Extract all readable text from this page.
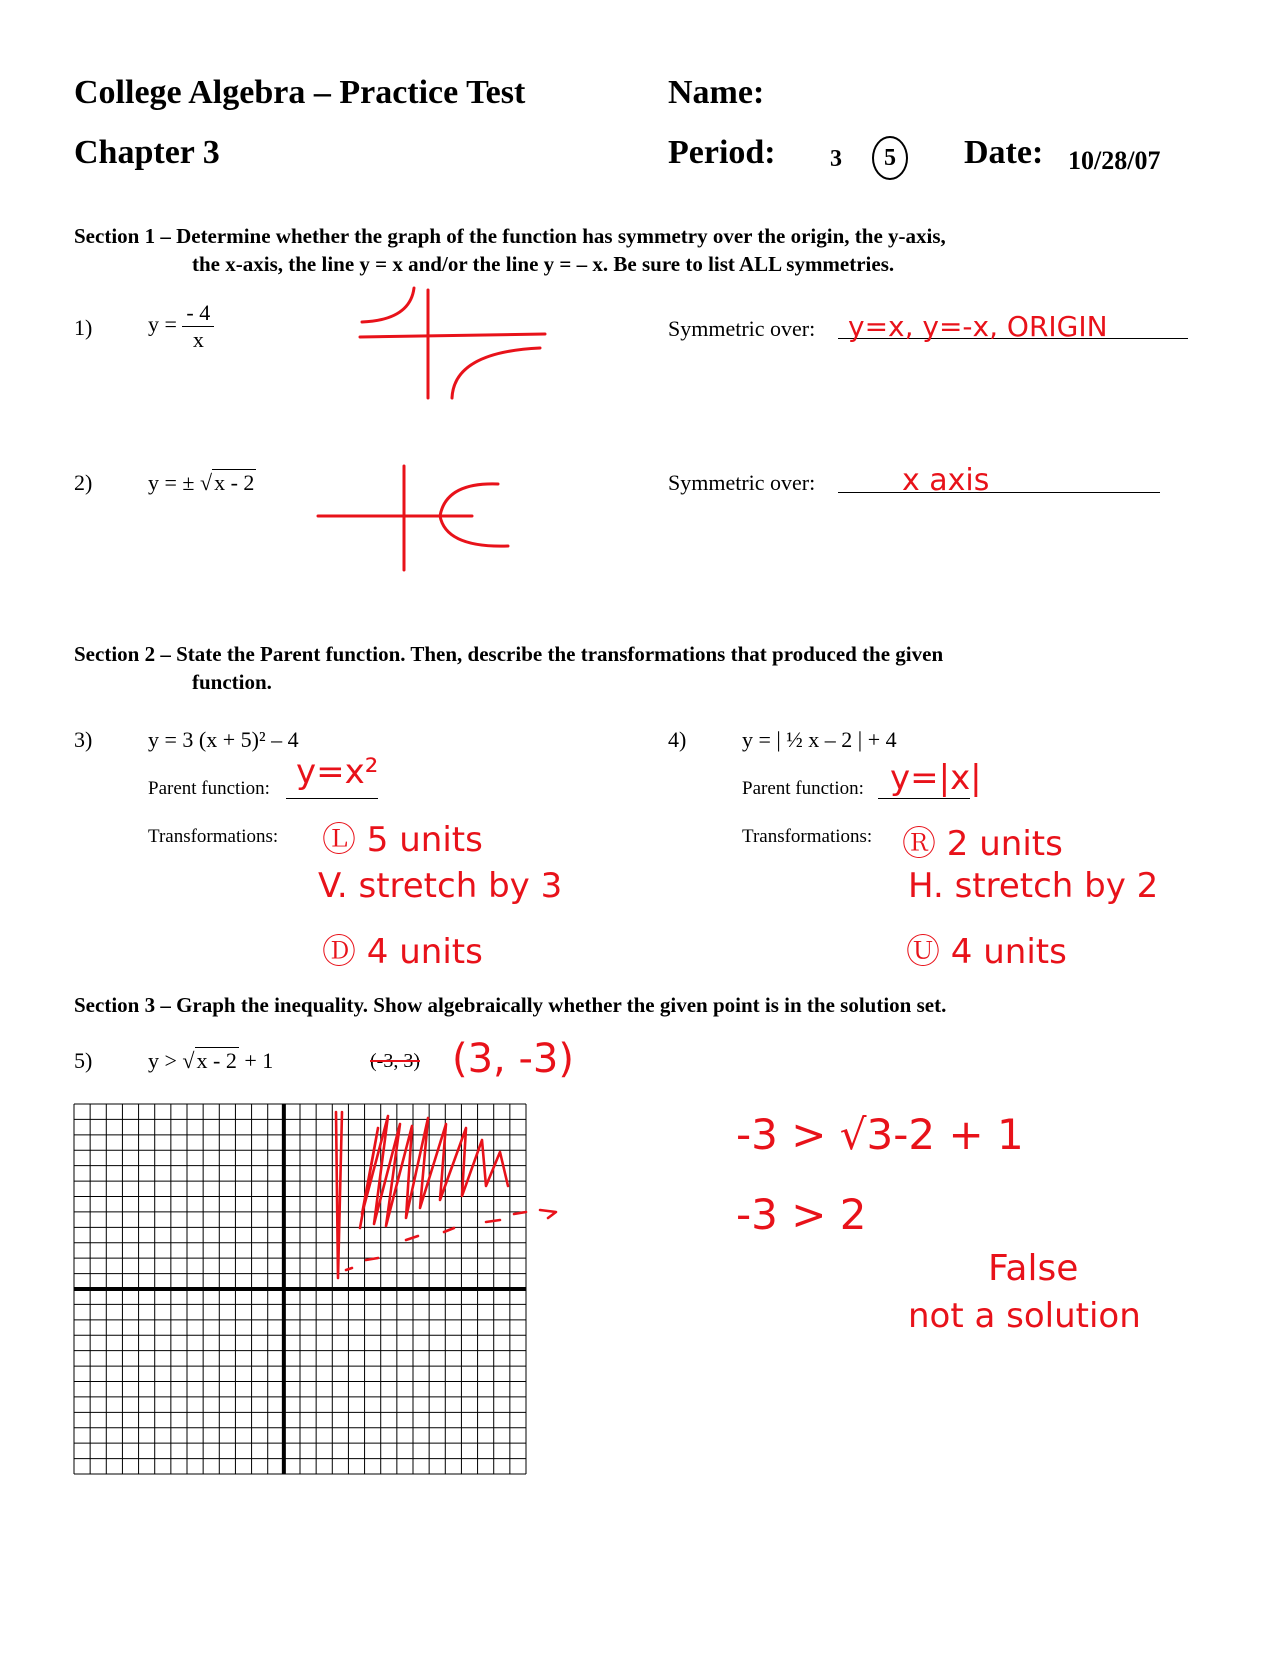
College Algebra – Practice Test
Chapter 3
Name:
Period: 3	5	Date: 10/28/07
Section 1 – Determine whether the graph of the function has symmetry over the origin, the y-axis,
the x-axis, the line y = x and/or the line y = – x. Be sure to list ALL symmetries.
1)	$y = \frac{- 4}{x}$	Symmetric over: y=x, y=-x, ORIGIN
2)	y = ± √x - 2	Symmetric over:	x axis
Section 2 – State the Parent function. Then, describe the transformations that produced the given
function.
3)	y = 3 (x + 5)² – 4
Parent function: y=x²
Transformations: Ⓛ 5 units
V. stretch by 3
Ⓓ 4 units
4)	y = | ½ x – 2 | + 4
Parent function: y=|x|
Transformations: Ⓡ 2 units
H. stretch by 2
Ⓤ 4 units
Section 3 – Graph the inequality. Show algebraically whether the given point is in the solution set.
5)	y > √x - 2 + 1	(-3, 3) (3, -3)
-3 > √3-2 + 1
-3 > 2
False
not a solution
